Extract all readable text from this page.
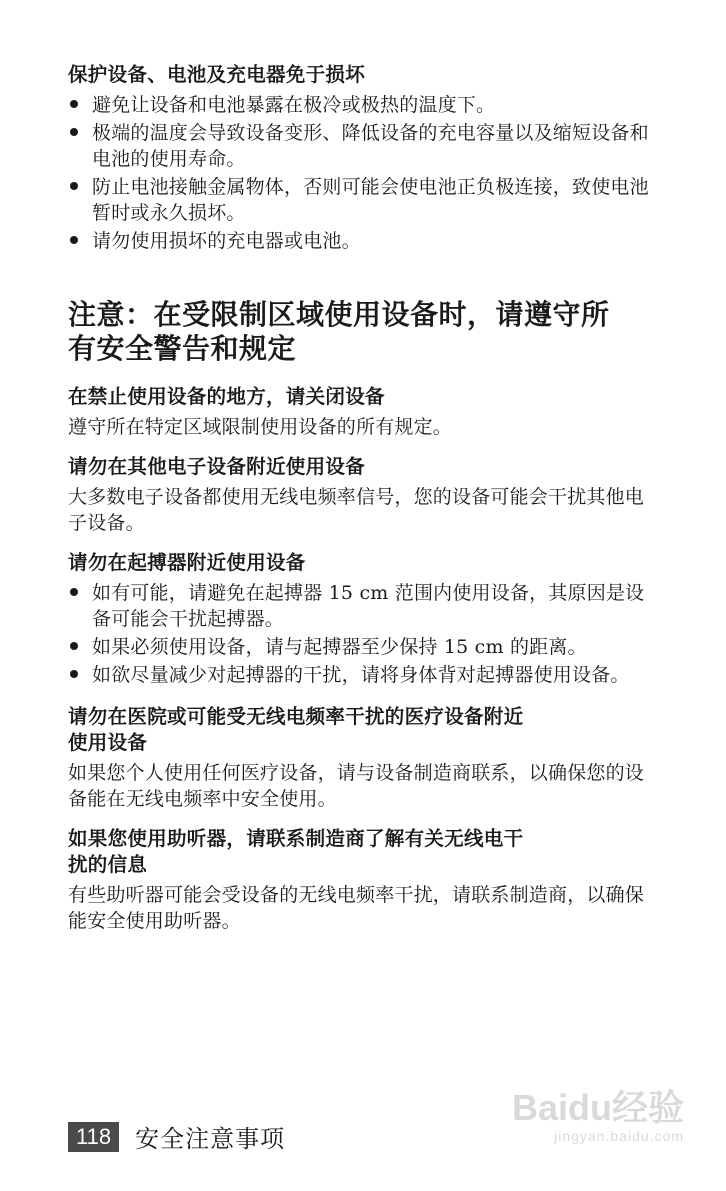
保护设备、电池及充电器免于损坏
避免让设备和电池暴露在极冷或极热的温度下。
极端的温度会导致设备变形、降低设备的充电容量以及缩短设备和电池的使用寿命。
防止电池接触金属物体，否则可能会使电池正负极连接，致使电池暂时或永久损坏。
请勿使用损坏的充电器或电池。
注意：在受限制区域使用设备时，请遵守所
有安全警告和规定
在禁止使用设备的地方，请关闭设备

遵守所在特定区域限制使用设备的所有规定。

请勿在其他电子设备附近使用设备

大多数电子设备都使用无线电频率信号，您的设备可能会干扰其他电子设备。

请勿在起搏器附近使用设备
如有可能，请避免在起搏器 15 cm 范围内使用设备，其原因是设备可能会干扰起搏器。
如果必须使用设备，请与起搏器至少保持 15 cm 的距离。
如欲尽量减少对起搏器的干扰，请将身体背对起搏器使用设备。
请勿在医院或可能受无线电频率干扰的医疗设备附近
使用设备

如果您个人使用任何医疗设备，请与设备制造商联系，以确保您的设备能在无线电频率中安全使用。

如果您使用助听器，请联系制造商了解有关无线电干
扰的信息

有些助听器可能会受设备的无线电频率干扰，请联系制造商，以确保能安全使用助听器。

118	安全注意事项
Baidu经验
jingyan.baidu.com
